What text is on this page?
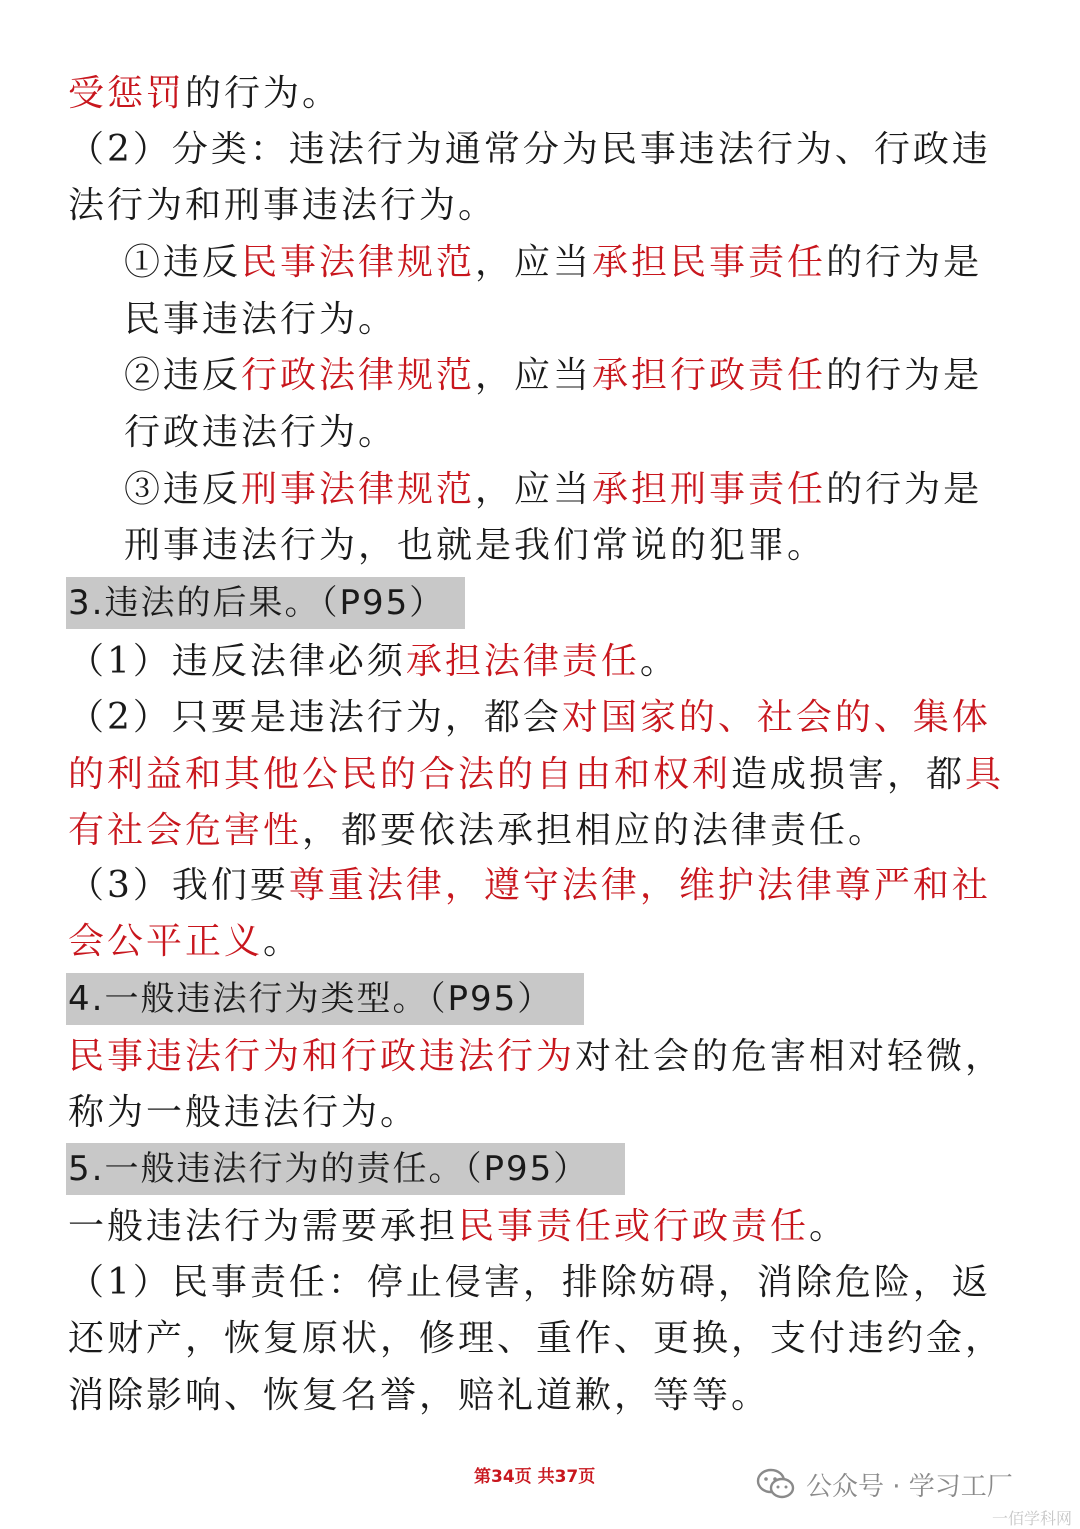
受惩罚的行为。
（2）分类：违法行为通常分为民事违法行为、行政违
法行为和刑事违法行为。
①违反民事法律规范，应当承担民事责任的行为是
民事违法行为。
②违反行政法律规范，应当承担行政责任的行为是
行政违法行为。
③违反刑事法律规范，应当承担刑事责任的行为是
刑事违法行为，也就是我们常说的犯罪。
3.违法的后果。（P95）
（1）违反法律必须承担法律责任。
（2）只要是违法行为，都会对国家的、社会的、集体
的利益和其他公民的合法的自由和权利造成损害，都具
有社会危害性，都要依法承担相应的法律责任。
（3）我们要尊重法律，遵守法律，维护法律尊严和社
会公平正义。
4.一般违法行为类型。（P95）
民事违法行为和行政违法行为对社会的危害相对轻微，
称为一般违法行为。
5.一般违法行为的责任。（P95）
一般违法行为需要承担民事责任或行政责任。
（1）民事责任：停止侵害，排除妨碍，消除危险，返
还财产，恢复原状，修理、重作、更换，支付违约金，
消除影响、恢复名誉，赔礼道歉，等等。
第34页 共37页	公众号 · 学习工厂
一佰学科网
